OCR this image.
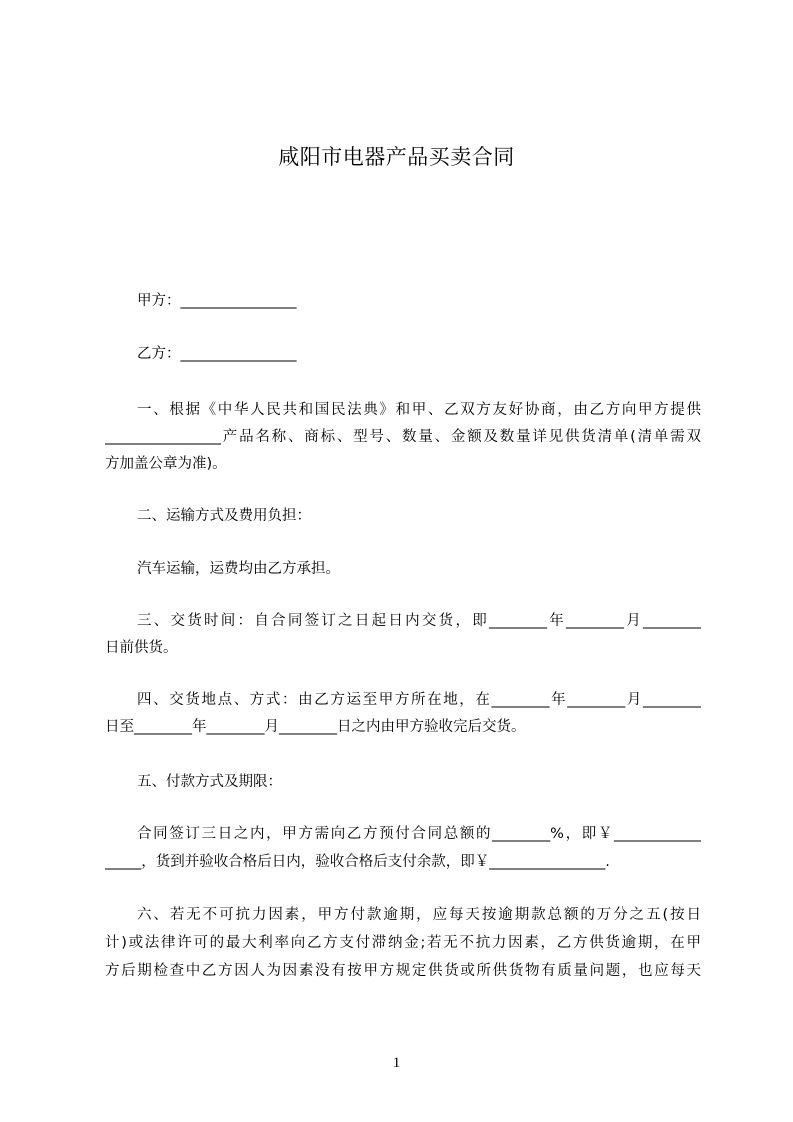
咸阳市电器产品买卖合同
甲方：________________
乙方：________________
一、根据《中华人民共和国民法典》和甲、乙双方友好协商，由乙方向甲方提供
________________产品名称、商标、型号、数量、金额及数量详见供货清单(清单需双
方加盖公章为准)。
二、运输方式及费用负担：
汽车运输，运费均由乙方承担。
三、交货时间：自合同签订之日起日内交货，即________年________月________
日前供货。
四、交货地点、方式：由乙方运至甲方所在地，在________年________月________
日至________年________月________日之内由甲方验收完后交货。
五、付款方式及期限：
合同签订三日之内，甲方需向乙方预付合同总额的________%，即￥____________
_____，货到并验收合格后日内，验收合格后支付余款，即￥________________.
六、若无不可抗力因素，甲方付款逾期，应每天按逾期款总额的万分之五(按日
计)或法律许可的最大利率向乙方支付滞纳金;若无不抗力因素，乙方供货逾期，在甲
方后期检查中乙方因人为因素没有按甲方规定供货或所供货物有质量问题，也应每天
1
